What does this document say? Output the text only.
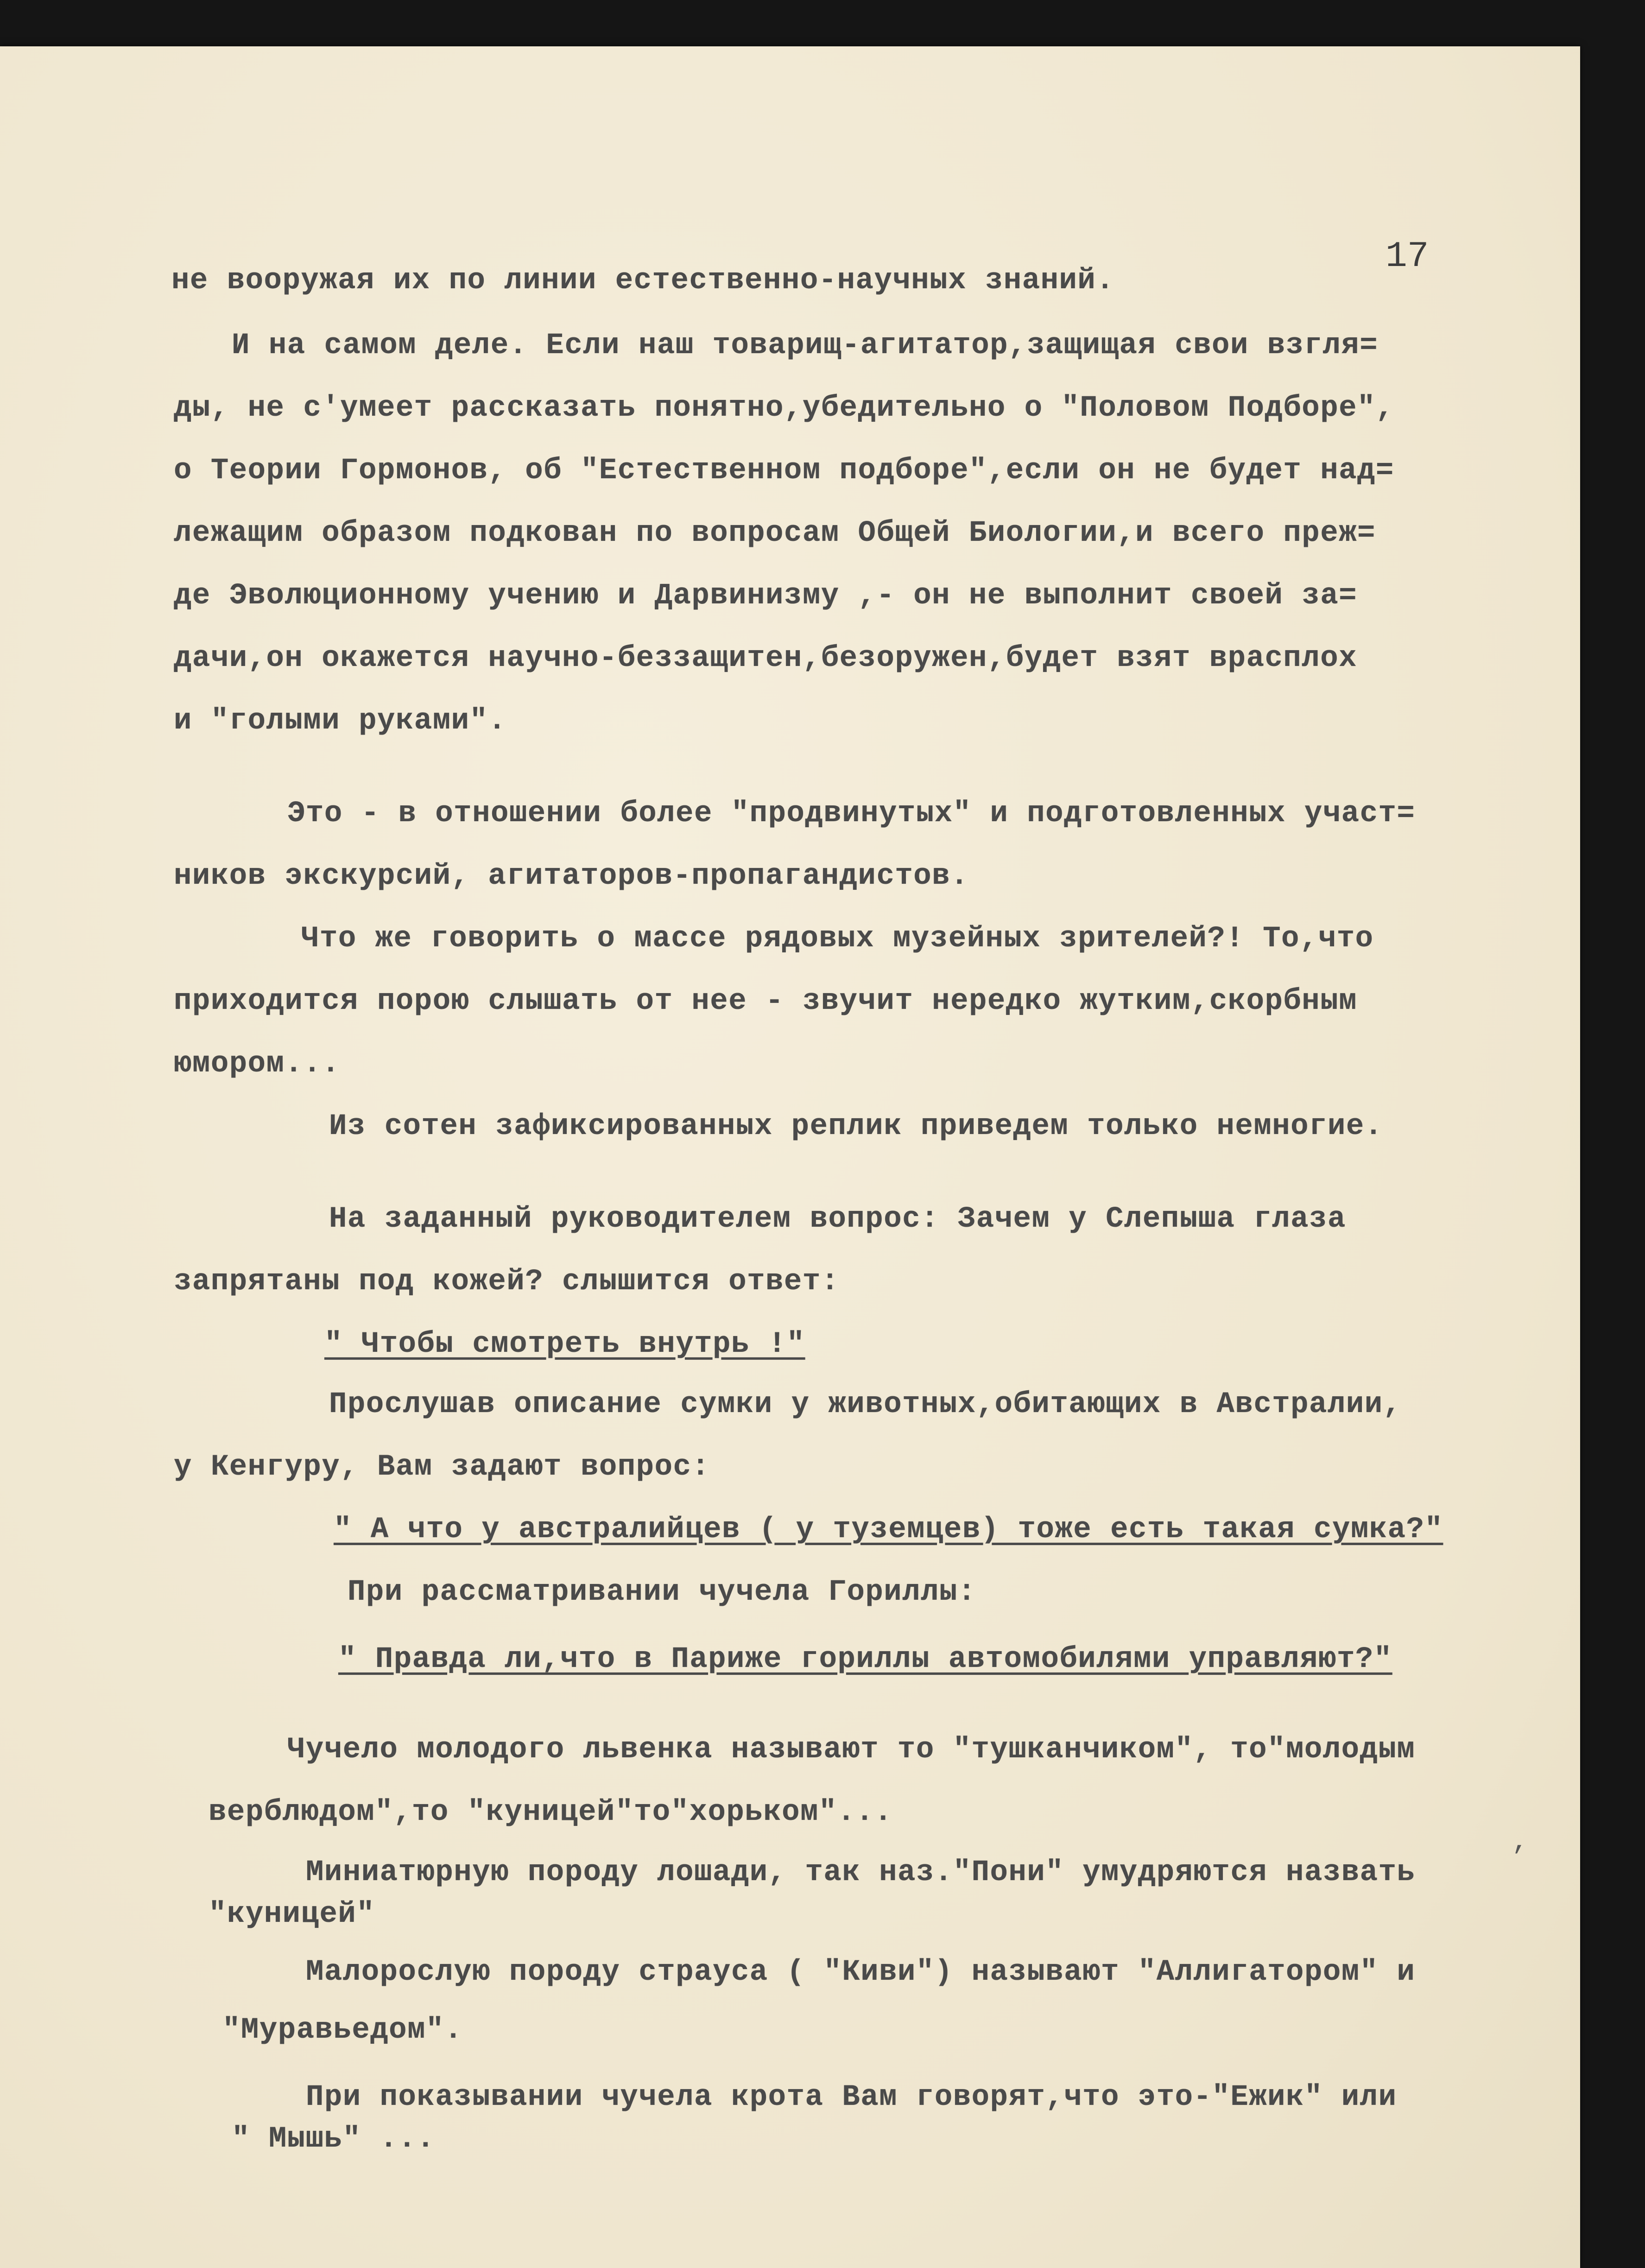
17
не вооружая их по линии естественно-научных знаний.
И на самом деле. Если наш товарищ-агитатор,защищая свои взгля=
ды, не с'умеет рассказать понятно,убедительно о "Половом Подборе",
о Теории Гормонов, об "Естественном подборе",если он не будет над=
лежащим образом подкован по вопросам Общей Биологии,и всего преж=
де Эволюционному учению и Дарвинизму ,- он не выполнит своей за=
дачи,он окажется научно-беззащитен,безоружен,будет взят врасплох
и "голыми руками".
Это - в отношении более "продвинутых" и подготовленных участ=
ников экскурсий, агитаторов-пропагандистов.
Что же говорить о массе рядовых музейных зрителей?! То,что
приходится порою слышать от нее - звучит нередко жутким,скорбным
юмором...
Из сотен зафиксированных реплик приведем только немногие.
На заданный руководителем вопрос: Зачем у Слепыша глаза
запрятаны под кожей? слышится ответ:
" Чтобы смотреть внутрь !"
Прослушав описание сумки у животных,обитающих в Австралии,
у Кенгуру, Вам задают вопрос:
" А что у австралийцев ( у туземцев) тоже есть такая сумка?"
При рассматривании чучела Гориллы:
" Правда ли,что в Париже гориллы автомобилями управляют?"
Чучело молодого львенка называют то "тушканчиком", то"молодым
верблюдом",то "куницей"то"хорьком"...
Миниатюрную породу лошади, так наз."Пони" умудряются назвать
"куницей"
Малорослую породу страуса ( "Киви") называют "Аллигатором" и
"Муравьедом".
При показывании чучела крота Вам говорят,что это-"Ежик" или
" Мышь" ...
‚
